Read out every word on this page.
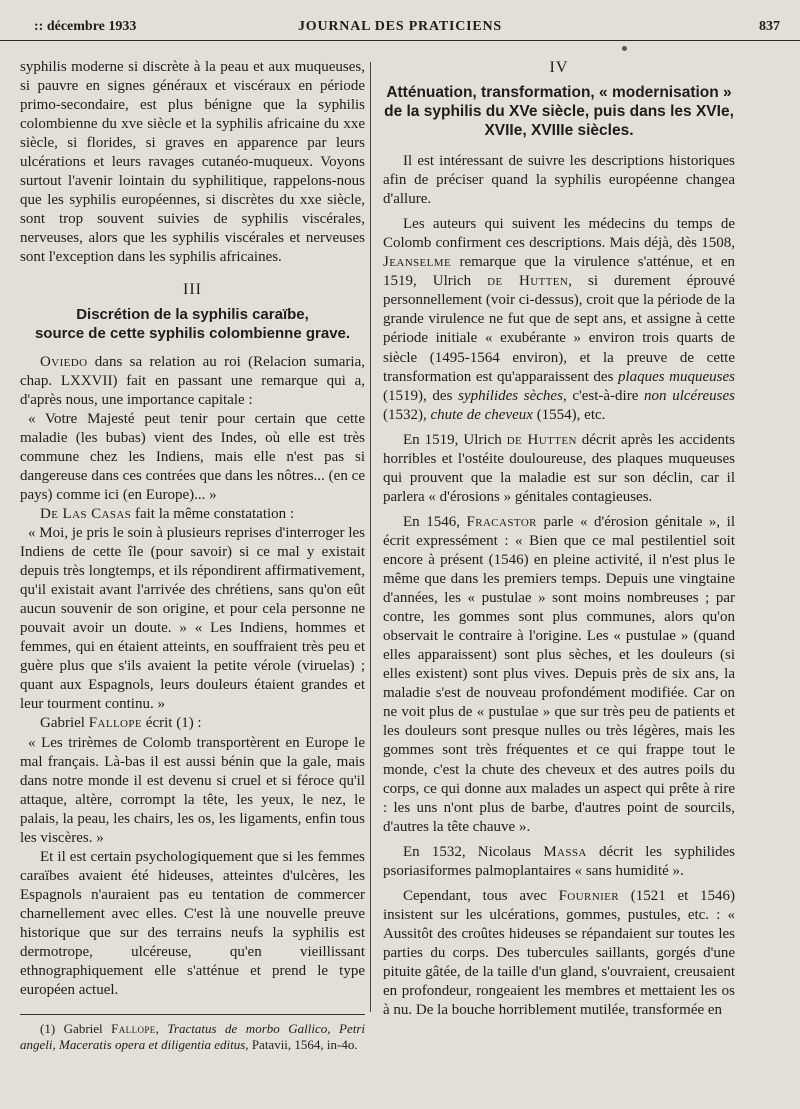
:: décembre 1933	JOURNAL DES PRATICIENS	837

syphilis moderne si discrète à la peau et aux muqueuses, si pauvre en signes généraux et viscéraux en période primo-secondaire, est plus bénigne que la syphilis colombienne du xve siècle et la syphilis africaine du xxe siècle, si florides, si graves en apparence par leurs ulcérations et leurs ravages cutanéo-muqueux. Voyons surtout l'avenir lointain du syphilitique, rappelons-nous que les syphilis européennes, si discrètes du xxe siècle, sont trop souvent suivies de syphilis viscérales, nerveuses, alors que les syphilis viscérales et nerveuses sont l'exception dans les syphilis africaines.

III
Discrétion de la syphilis caraïbe,
source de cette syphilis colombienne grave.

Oviedo dans sa relation au roi (Relacion sumaria, chap. LXXVII) fait en passant une remarque qui a, d'après nous, une importance capitale :

« Votre Majesté peut tenir pour certain que cette maladie (les bubas) vient des Indes, où elle est très commune chez les Indiens, mais elle n'est pas si dangereuse dans ces contrées que dans les nôtres... (en ce pays) comme ici (en Europe)... »

De Las Casas fait la même constatation :

« Moi, je pris le soin à plusieurs reprises d'interroger les Indiens de cette île (pour savoir) si ce mal y existait depuis très longtemps, et ils répondirent affirmativement, qu'il existait avant l'arrivée des chrétiens, sans qu'on eût aucun souvenir de son origine, et pour cela personne ne pouvait avoir un doute. » « Les Indiens, hommes et femmes, qui en étaient atteints, en souffraient très peu et guère plus que s'ils avaient la petite vérole (viruelas) ; quant aux Espagnols, leurs douleurs étaient grandes et leur tourment continu. »

Gabriel Fallope écrit (1) :

« Les trirèmes de Colomb transportèrent en Europe le mal français. Là-bas il est aussi bénin que la gale, mais dans notre monde il est devenu si cruel et si féroce qu'il attaque, altère, corrompt la tête, les yeux, le nez, le palais, la peau, les chairs, les os, les ligaments, enfin tous les viscères. »

Et il est certain psychologiquement que si les femmes caraïbes avaient été hideuses, atteintes d'ulcères, les Espagnols n'auraient pas eu tentation de commercer charnellement avec elles. C'est là une nouvelle preuve historique que sur des terrains neufs la syphilis est dermotrope, ulcéreuse, qu'en vieillissant ethnographiquement elle s'atténue et prend le type européen actuel.

(1) Gabriel Fallope, Tractatus de morbo Gallico, Petri angeli, Maceratis opera et diligentia editus, Patavii, 1564, in-4o.

IV
Atténuation, transformation, « modernisation » de la syphilis du XVe siècle, puis dans les XVIe, XVIIe, XVIIIe siècles.

Il est intéressant de suivre les descriptions historiques afin de préciser quand la syphilis européenne changea d'allure.

Les auteurs qui suivent les médecins du temps de Colomb confirment ces descriptions. Mais déjà, dès 1508, Jeanselme remarque que la virulence s'atténue, et en 1519, Ulrich de Hutten, si durement éprouvé personnellement (voir ci-dessus), croit que la période de la grande virulence ne fut que de sept ans, et assigne à cette période initiale « exubérante » environ trois quarts de siècle (1495-1564 environ), et la preuve de cette transformation est qu'apparaissent des plaques muqueuses (1519), des syphilides sèches, c'est-à-dire non ulcéreuses (1532), chute de cheveux (1554), etc.

En 1519, Ulrich de Hutten décrit après les accidents horribles et l'ostéite douloureuse, des plaques muqueuses qui prouvent que la maladie est sur son déclin, car il parlera « d'érosions » génitales contagieuses.

En 1546, Fracastor parle « d'érosion génitale », il écrit expressément : « Bien que ce mal pestilentiel soit encore à présent (1546) en pleine activité, il n'est plus le même que dans les premiers temps. Depuis une vingtaine d'années, les « pustulae » sont moins nombreuses ; par contre, les gommes sont plus communes, alors qu'on observait le contraire à l'origine. Les « pustulae » (quand elles apparaissent) sont plus sèches, et les douleurs (si elles existent) sont plus vives. Depuis près de six ans, la maladie s'est de nouveau profondément modifiée. Car on ne voit plus de « pustulae » que sur très peu de patients et les douleurs sont presque nulles ou très légères, mais les gommes sont très fréquentes et ce qui frappe tout le monde, c'est la chute des cheveux et des autres poils du corps, ce qui donne aux malades un aspect qui prête à rire : les uns n'ont plus de barbe, d'autres point de sourcils, d'autres la tête chauve ».

En 1532, Nicolaus Massa décrit les syphilides psoriasiformes palmoplantaires « sans humidité ».

Cependant, tous avec Fournier (1521 et 1546) insistent sur les ulcérations, gommes, pustules, etc. : « Aussitôt des croûtes hideuses se répandaient sur toutes les parties du corps. Des tubercules saillants, gorgés d'une pituite gâtée, de la taille d'un gland, s'ouvraient, creusaient en profondeur, rongeaient les membres et mettaient les os à nu. De la bouche horriblement mutilée, transformée en
